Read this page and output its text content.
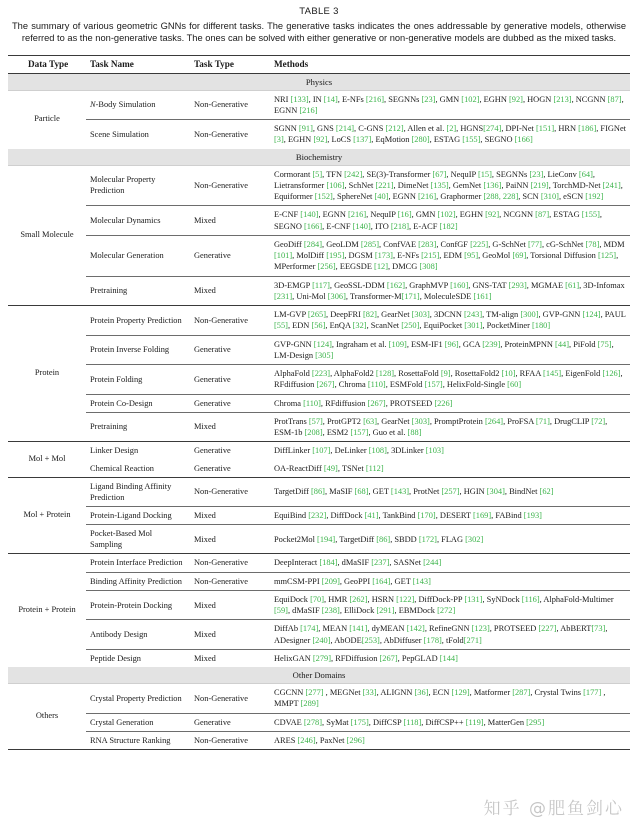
TABLE 3
The summary of various geometric GNNs for different tasks. The generative tasks indicates the ones addressable by generative models, otherwise referred to as the non-generative tasks. The ones can be solved with either generative or non-generative models are dubbed as the mixed tasks.
Data Type	Task Name	Task Type	Methods
Physics			
Particle	N-Body Simulation	Non-Generative	NRI [133], IN [14], E-NFs [216], SEGNNs [23], GMN [102], EGHN [92], HOGN [213], NCGNN [87], EGNN [216]
	Scene Simulation	Non-Generative	SGNN [91], GNS [214], C-GNS [212], Allen et al. [2], HGNS[274], DPI-Net [151], HRN [186], FIGNet [3], EGHN [92], LoCS [137], EqMotion [280], ESTAG [155], SEGNO [166]
Biochemistry			
Small Molecule	Molecular Property Prediction	Non-Generative	Cormorant [5], TFN [242], SE(3)-Transformer [67], NequIP [15], SEGNNs [23], LieConv [64], Lietransformer [106], SchNet [221], DimeNet [135], GemNet [136], PaiNN [219], TorchMD-Net [241], Equiformer [152], SphereNet [40], EGNN [216], Graphormer [288, 228], SCN [310], eSCN [192]
	Molecular Dynamics	Mixed	E-CNF [140], EGNN [216], NequIP [16], GMN [102], EGHN [92], NCGNN [87], ESTAG [155], SEGNO [166], E-CNF [140], ITO [218], E-ACF [182]
	Molecular Generation	Generative	GeoDiff [284], GeoLDM [285], ConfVAE [283], ConfGF [225], G-SchNet [77], cG-SchNet [78], MDM [101], MolDiff [195], DGSM [173], E-NFs [215], EDM [95], GeoMol [69], Torsional Diffusion [125], MPerformer [256], EEGSDE [12], DMCG [308]
	Pretraining	Mixed	3D-EMGP [117], GeoSSL-DDM [162], GraphMVP [160], GNS-TAT [293], MGMAE [61], 3D-Infomax [231], Uni-Mol [306], Transformer-M[171], MoleculeSDE [161]
Protein	Protein Property Prediction	Non-Generative	LM-GVP [265], DeepFRI [82], GearNet [303], 3DCNN [243], TM-align [300], GVP-GNN [124], PAUL [55], EDN [56], EnQA [32], ScanNet [250], EquiPocket [301], PocketMiner [180]
	Protein Inverse Folding	Generative	GVP-GNN [124], Ingraham et al. [109], ESM-IF1 [96], GCA [239], ProteinMPNN [44], PiFold [75], LM-Design [305]
	Protein Folding	Generative	AlphaFold [223], AlphaFold2 [128], RosettaFold [9], RosettaFold2 [10], RFAA [145], EigenFold [126], RFdiffusion [267], Chroma [110], ESMFold [157], HelixFold-Single [60]
	Protein Co-Design	Generative	Chroma [110], RFdiffusion [267], PROTSEED [226]
	Pretraining	Mixed	ProtTrans [57], ProtGPT2 [63], GearNet [303], PromptProtein [264], ProFSA [71], DrugCLIP [72], ESM-1b [208], ESM2 [157], Guo et al. [88]
Mol + Mol	Linker Design	Generative	DiffLinker [107], DeLinker [108], 3DLinker [103]
	Chemical Reaction	Generative	OA-ReactDiff [49], TSNet [112]
Mol + Protein	Ligand Binding Affinity Prediction	Non-Generative	TargetDiff [86], MaSIF [68], GET [143], ProtNet [257], HGIN [304], BindNet [62]
	Protein-Ligand Docking	Mixed	EquiBind [232], DiffDock [41], TankBind [170], DESERT [169], FABind [193]
	Pocket-Based Mol Sampling	Mixed	Pocket2Mol [194], TargetDiff [86], SBDD [172], FLAG [302]
Protein + Protein	Protein Interface Prediction	Non-Generative	DeepInteract [184], dMaSIF [237], SASNet [244]
	Binding Affinity Prediction	Non-Generative	mmCSM-PPI [209], GeoPPI [164], GET [143]
	Protein-Protein Docking	Mixed	EquiDock [70], HMR [262], HSRN [122], DiffDock-PP [131], SyNDock [116], AlphaFold-Multimer [59], dMaSIF [238], ElliDock [291], EBMDock [272]
	Antibody Design	Mixed	DiffAb [174], MEAN [141], dyMEAN [142], RefineGNN [123], PROTSEED [227], AbBERT[73], ADesigner [240], AbODE[253], AbDiffuser [178], tFold[271]
	Peptide Design	Mixed	HelixGAN [279], RFDiffusion [267], PepGLAD [144]
Other Domains			
Others	Crystal Property Prediction	Non-Generative	CGCNN [277] , MEGNet [33], ALIGNN [36], ECN [129], Matformer [287], Crystal Twins [177] , MMPT [289]
	Crystal Generation	Generative	CDVAE [278], SyMat [175], DiffCSP [118], DiffCSP++ [119], MatterGen [295]
	RNA Structure Ranking	Non-Generative	ARES [246], PaxNet [296]

知乎 @肥鱼剑心
